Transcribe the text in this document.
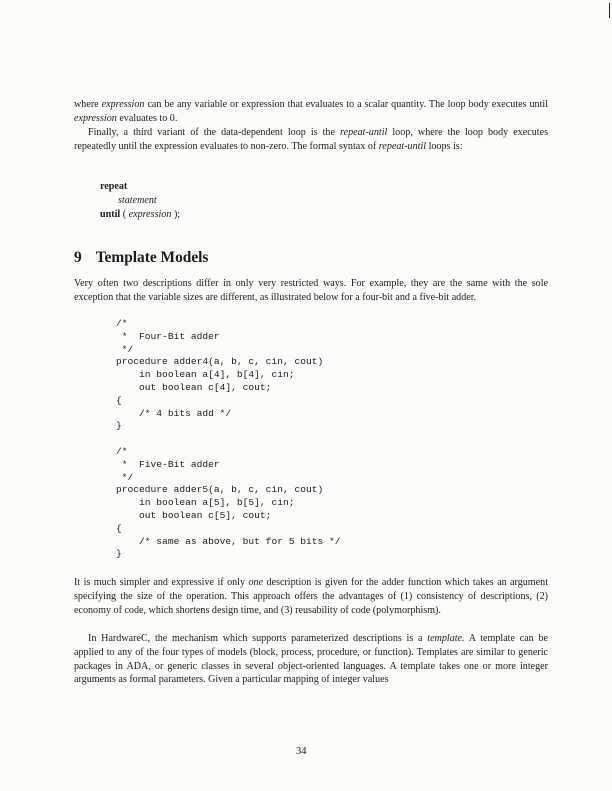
where expression can be any variable or expression that evaluates to a scalar quantity. The loop body executes until expression evaluates to 0.

Finally, a third variant of the data-dependent loop is the repeat-until loop, where the loop body executes repeatedly until the expression evaluates to non-zero. The formal syntax of repeat-until loops is:

repeat
statement
until ( expression );
9 Template Models

Very often two descriptions differ in only very restricted ways. For example, they are the same with the sole exception that the variable sizes are different, as illustrated below for a four-bit and a five-bit adder.

/*
*  Four-Bit adder
*/
procedure adder4(a, b, c, cin, cout)
in boolean a[4], b[4], cin;
out boolean c[4], cout;
{
/* 4 bits add */
}
/*
*  Five-Bit adder
*/
procedure adder5(a, b, c, cin, cout)
in boolean a[5], b[5], cin;
out boolean c[5], cout;
{
/* same as above, but for 5 bits */
}

It is much simpler and expressive if only one description is given for the adder function which takes an argument specifying the size of the operation. This approach offers the advantages of (1) consistency of descriptions, (2) economy of code, which shortens design time, and (3) reusability of code (polymorphism).

In HardwareC, the mechanism which supports parameterized descriptions is a template. A template can be applied to any of the four types of models (block, process, procedure, or function). Templates are similar to generic packages in ADA, or generic classes in several object-oriented languages. A template takes one or more integer arguments as formal parameters. Given a particular mapping of integer values

34
